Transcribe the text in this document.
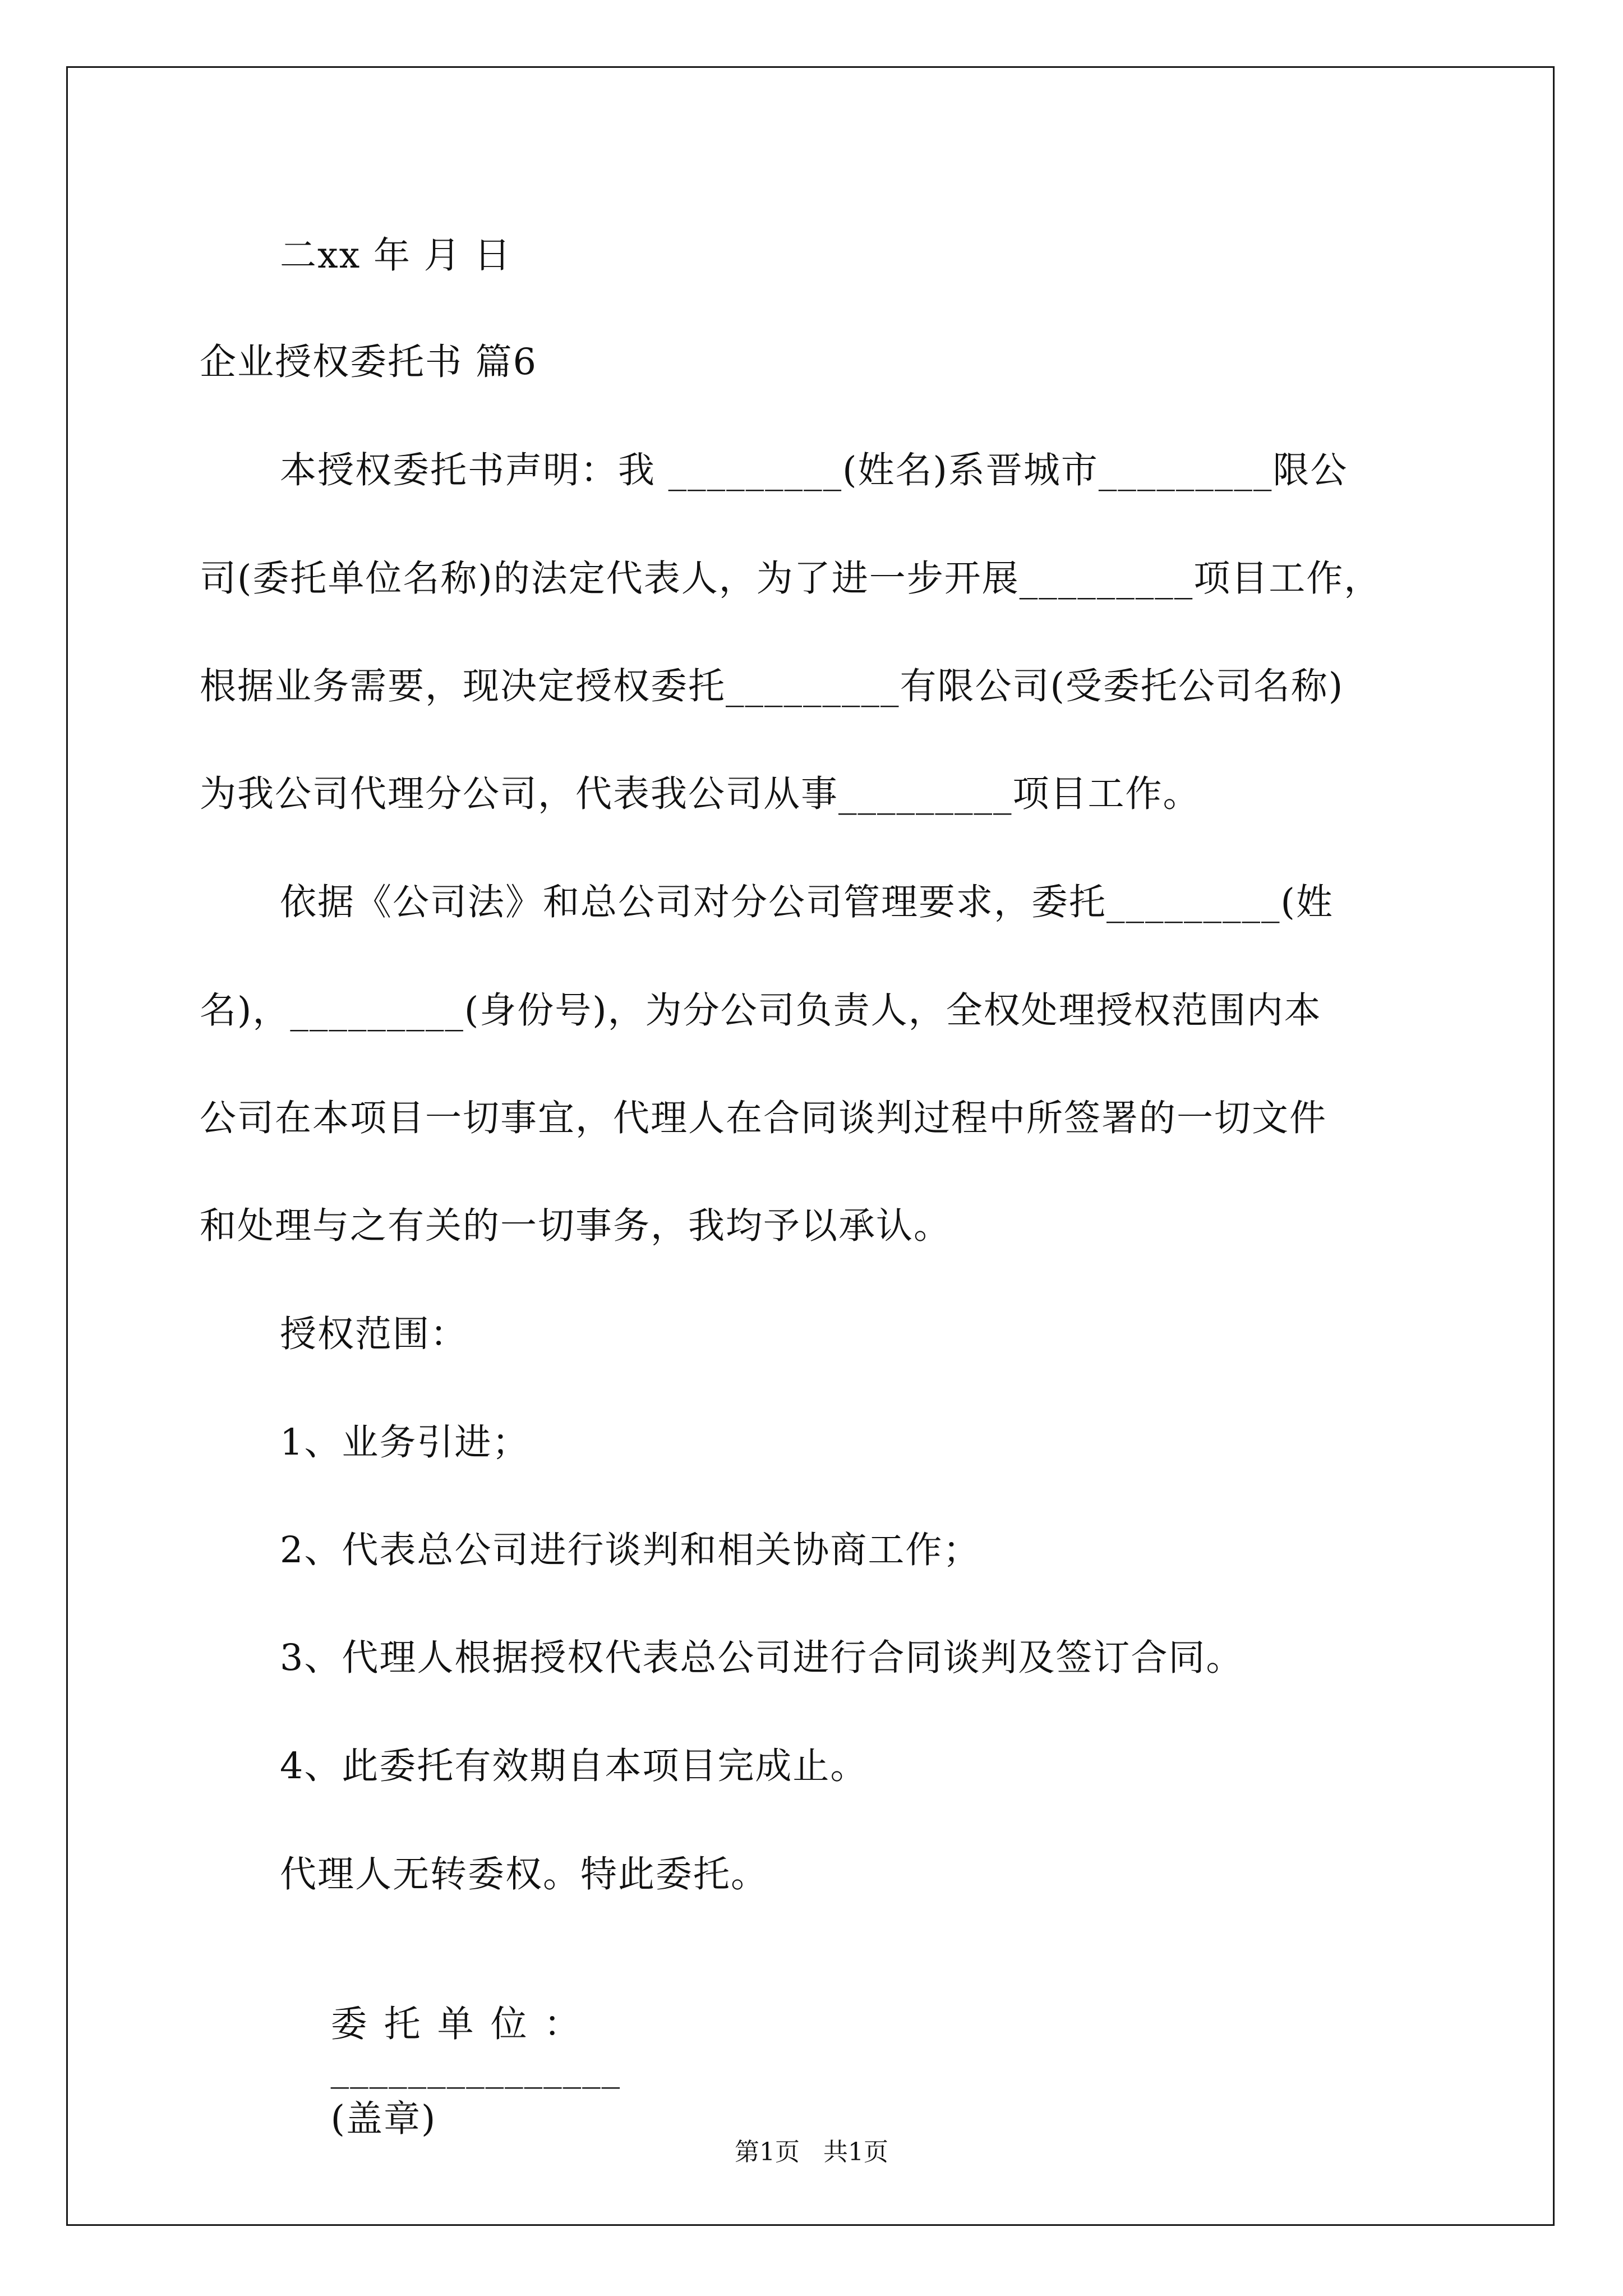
二xx 年 月 日
企业授权委托书 篇6
本授权委托书声明：我 _________(姓名)系晋城市_________限公
司(委托单位名称)的法定代表人，为了进一步开展_________项目工作，
根据业务需要，现决定授权委托_________有限公司(受委托公司名称)
为我公司代理分公司，代表我公司从事_________项目工作。
依据《公司法》和总公司对分公司管理要求，委托_________(姓
名)，_________(身份号)，为分公司负责人，全权处理授权范围内本
公司在本项目一切事宜，代理人在合同谈判过程中所签署的一切文件
和处理与之有关的一切事务，我均予以承认。
授权范围：
1、业务引进；
2、代表总公司进行谈判和相关协商工作；
3、代理人根据授权代表总公司进行合同谈判及签订合同。
4、此委托有效期自本项目完成止。
代理人无转委权。特此委托。

委托单位：
_______________
(盖章)

第1页   共1页
